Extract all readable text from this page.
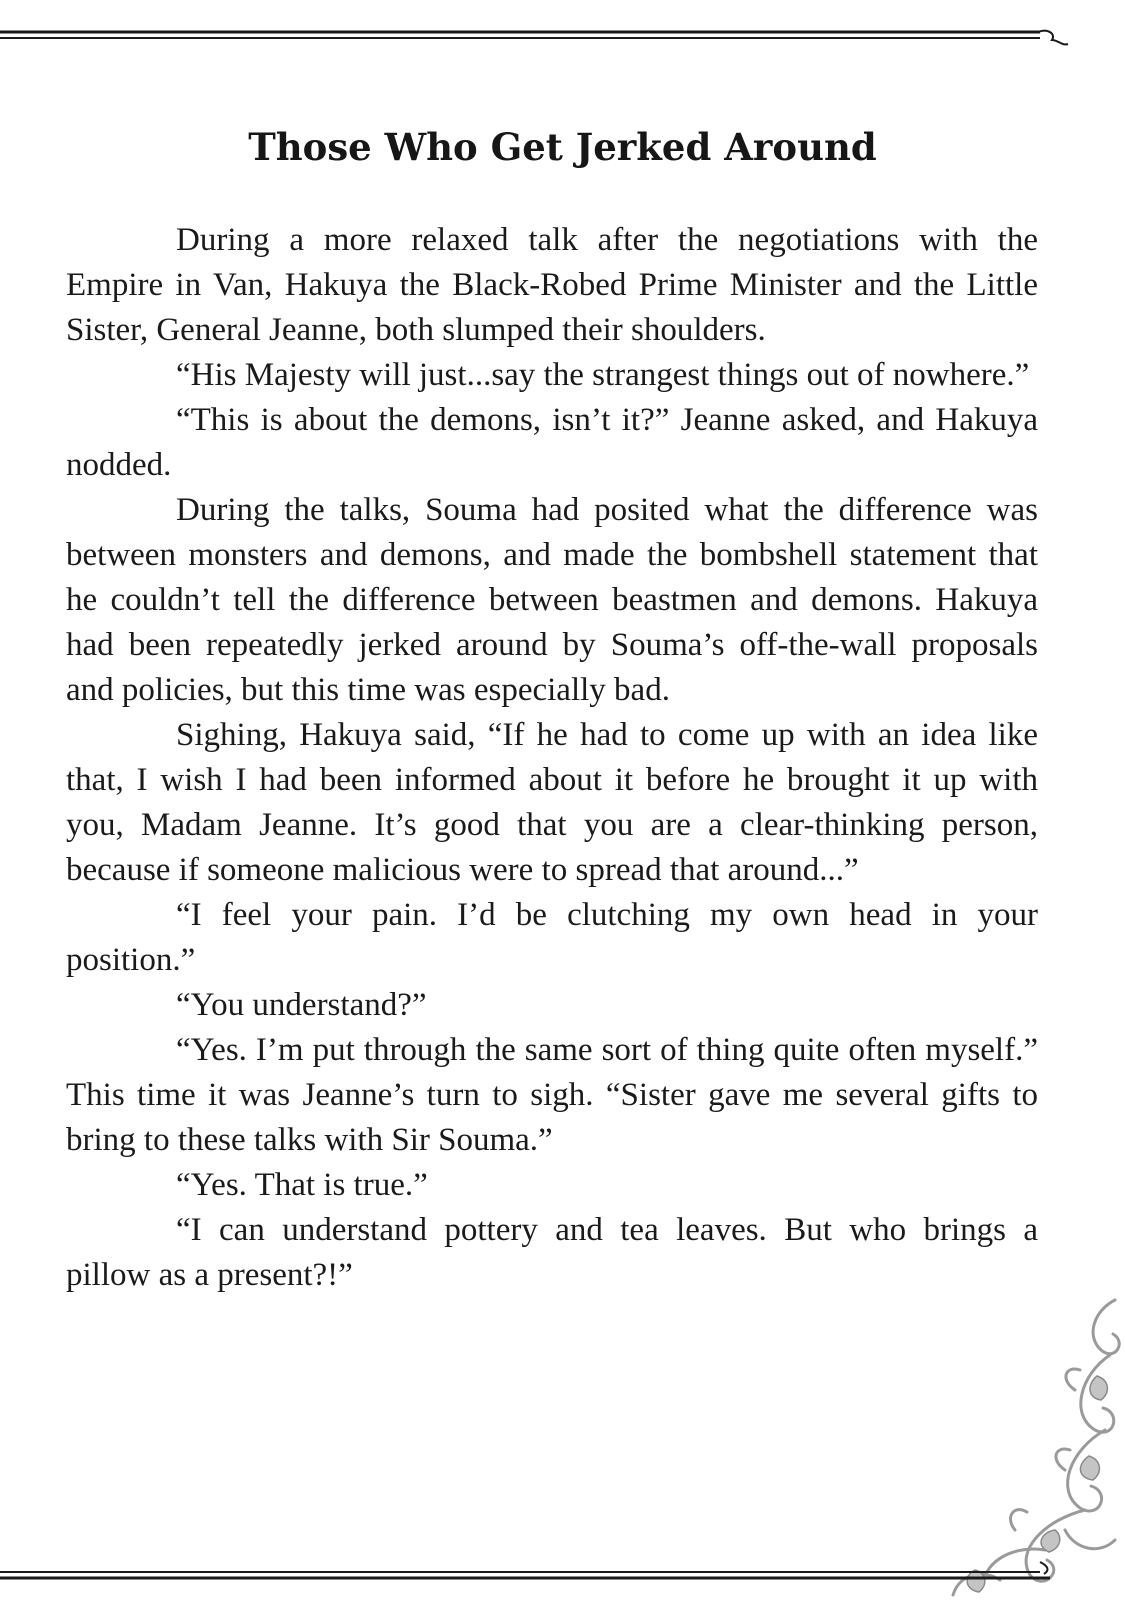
Those Who Get Jerked Around

During a more relaxed talk after the negotiations with the Empire in Van, Hakuya the Black-Robed Prime Minister and the Little Sister, General Jeanne, both slumped their shoulders.

“His Majesty will just...say the strangest things out of nowhere.”

“This is about the demons, isn’t it?” Jeanne asked, and Hakuya nodded.

During the talks, Souma had posited what the difference was between monsters and demons, and made the bombshell statement that he couldn’t tell the difference between beastmen and demons. Hakuya had been repeatedly jerked around by Souma’s off-the-wall proposals and policies, but this time was especially bad.

Sighing, Hakuya said, “If he had to come up with an idea like that, I wish I had been informed about it before he brought it up with you, Madam Jeanne. It’s good that you are a clear-thinking person, because if someone malicious were to spread that around...”

“I feel your pain. I’d be clutching my own head in your position.”

“You understand?”

“Yes. I’m put through the same sort of thing quite often myself.” This time it was Jeanne’s turn to sigh. “Sister gave me several gifts to bring to these talks with Sir Souma.”

“Yes. That is true.”

“I can understand pottery and tea leaves. But who brings a pillow as a present?!”
